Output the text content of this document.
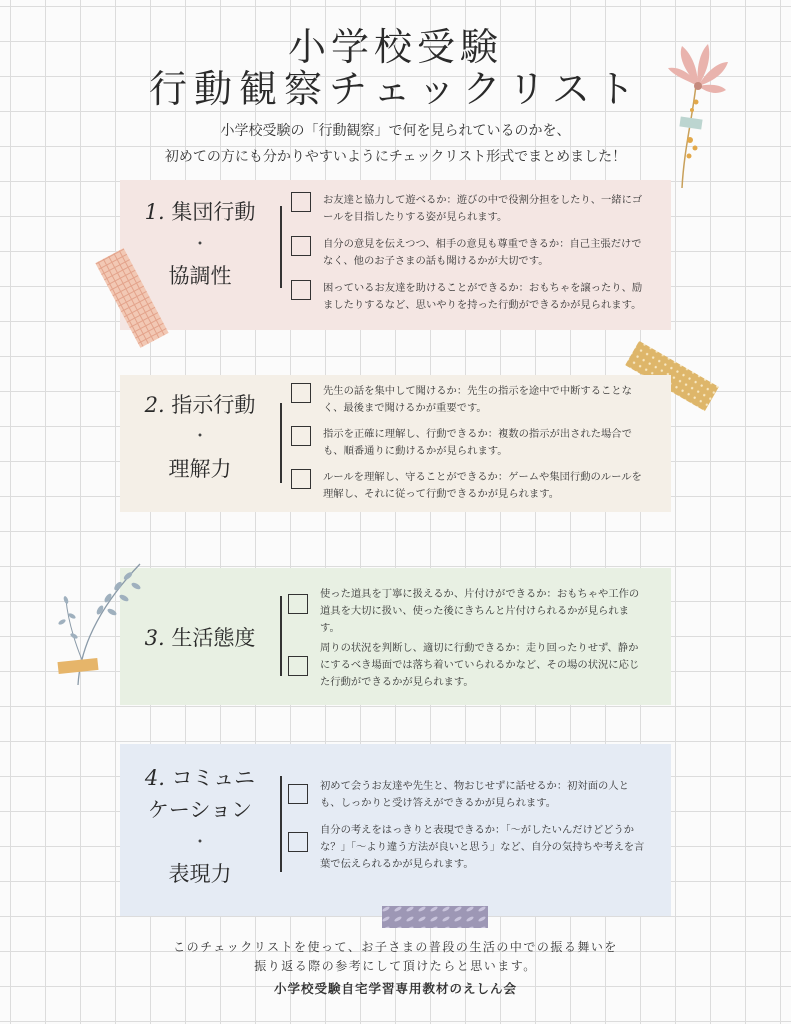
小学校受験
行動観察チェックリスト
小学校受験の「行動観察」で何を見られているのかを、
初めての方にも分かりやすいようにチェックリスト形式でまとめました！
1. 集団行動
・
協調性
お友達と協力して遊べるか：遊びの中で役割分担をしたり、一緒にゴールを目指したりする姿が見られます。
自分の意見を伝えつつ、相手の意見も尊重できるか：自己主張だけでなく、他のお子さまの話も聞けるかが大切です。
困っているお友達を助けることができるか：おもちゃを譲ったり、励ましたりするなど、思いやりを持った行動ができるかが見られます。
2. 指示行動
・
理解力
先生の話を集中して聞けるか：先生の指示を途中で中断することなく、最後まで聞けるかが重要です。
指示を正確に理解し、行動できるか：複数の指示が出された場合でも、順番通りに動けるかが見られます。
ルールを理解し、守ることができるか：ゲームや集団行動のルールを理解し、それに従って行動できるかが見られます。
3. 生活態度
使った道具を丁寧に扱えるか、片付けができるか：おもちゃや工作の道具を大切に扱い、使った後にきちんと片付けられるかが見られます。
周りの状況を判断し、適切に行動できるか：走り回ったりせず、静かにするべき場面では落ち着いていられるかなど、その場の状況に応じた行動ができるかが見られます。
4. コミュニ
ケーション
・
表現力
初めて会うお友達や先生と、物おじせずに話せるか：初対面の人とも、しっかりと受け答えができるかが見られます。
自分の考えをはっきりと表現できるか：「〜がしたいんだけどどうかな？」「〜より違う方法が良いと思う」など、自分の気持ちや考えを言葉で伝えられるかが見られます。
このチェックリストを使って、お子さまの普段の生活の中での振る舞いを
振り返る際の参考にして頂けたらと思います。
小学校受験自宅学習専用教材のえしん会
